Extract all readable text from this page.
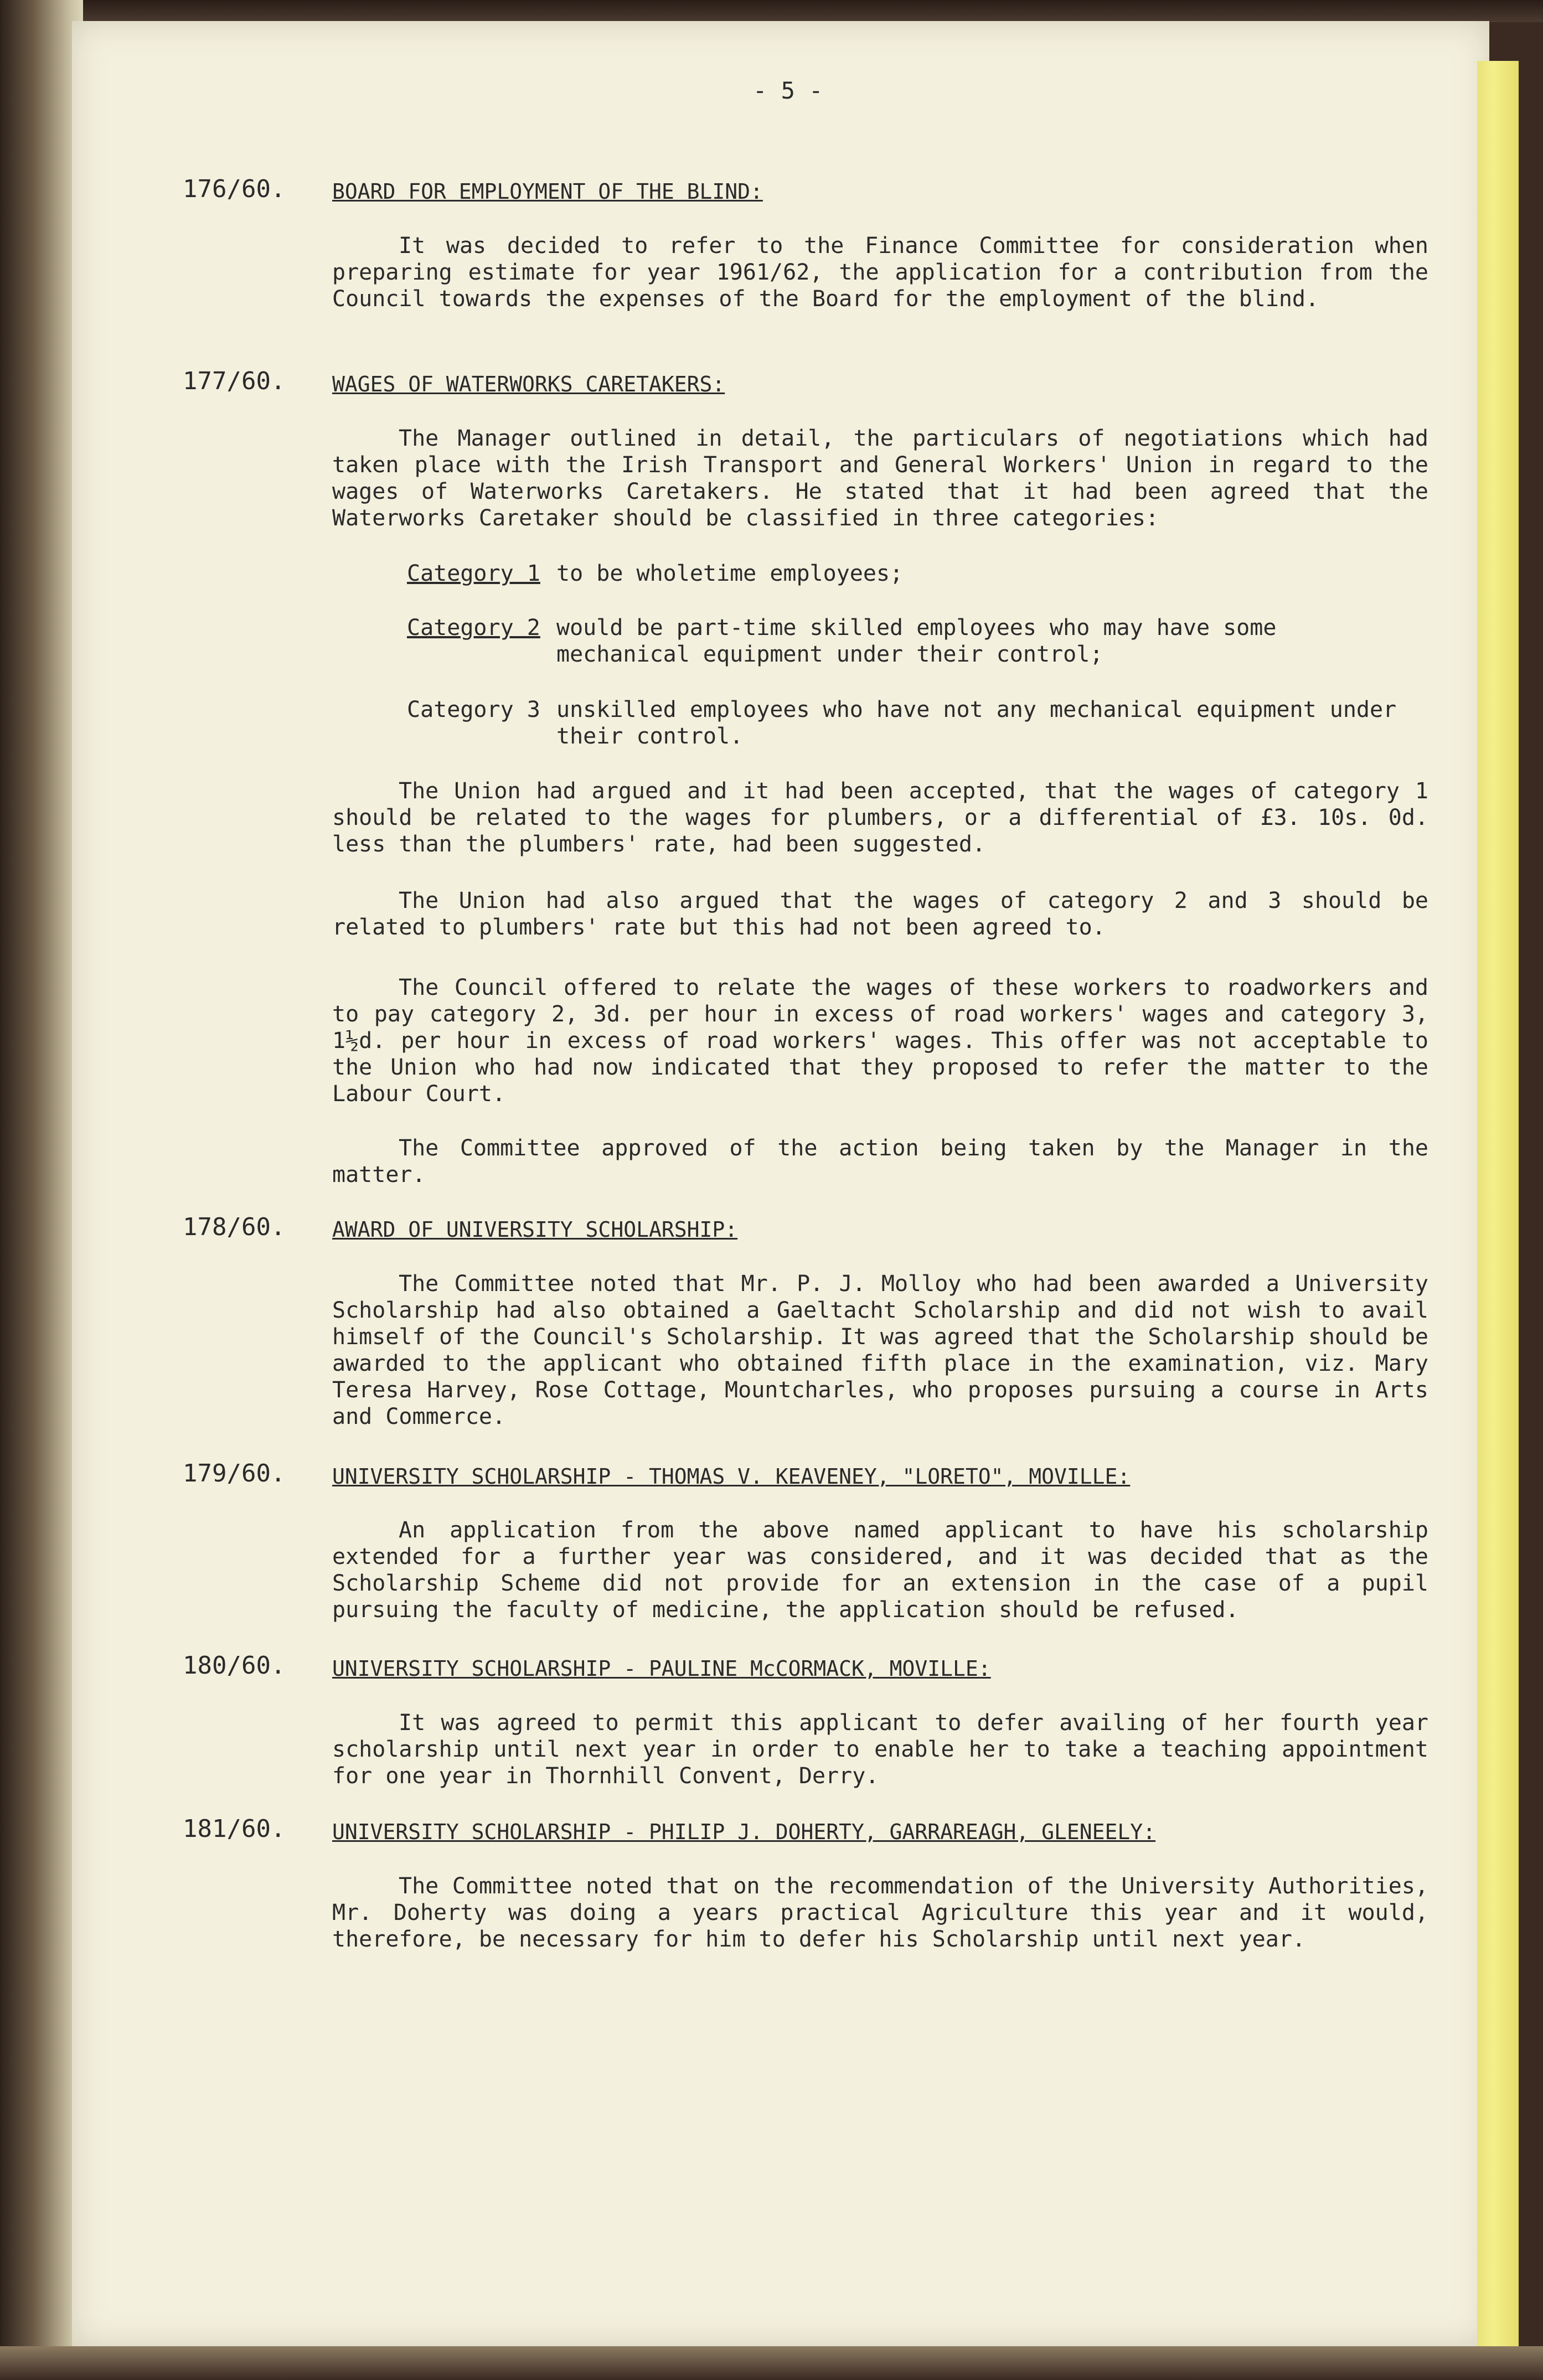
- 5 -
176/60. BOARD FOR EMPLOYMENT OF THE BLIND:

It was decided to refer to the Finance Committee for consideration when preparing estimate for year 1961/62, the application for a contribution from the Council towards the expenses of the Board for the employment of the blind.

177/60. WAGES OF WATERWORKS CARETAKERS:

The Manager outlined in detail, the particulars of negotiations which had taken place with the Irish Transport and General Workers' Union in regard to the wages of Waterworks Caretakers. He stated that it had been agreed that the Waterworks Caretaker should be classified in three categories:

Category 1 to be wholetime employees;
Category 2 would be part-time skilled employees who may have some mechanical equipment under their control;
Category 3 unskilled employees who have not any mechanical equipment under their control.

The Union had argued and it had been accepted, that the wages of category 1 should be related to the wages for plumbers, or a differential of £3. 10s. 0d. less than the plumbers' rate, had been suggested.

The Union had also argued that the wages of category 2 and 3 should be related to plumbers' rate but this had not been agreed to.

The Council offered to relate the wages of these workers to roadworkers and to pay category 2, 3d. per hour in excess of road workers' wages and category 3, 1½d. per hour in excess of road workers' wages. This offer was not acceptable to the Union who had now indicated that they proposed to refer the matter to the Labour Court.

The Committee approved of the action being taken by the Manager in the matter.

178/60. AWARD OF UNIVERSITY SCHOLARSHIP:

The Committee noted that Mr. P. J. Molloy who had been awarded a University Scholarship had also obtained a Gaeltacht Scholarship and did not wish to avail himself of the Council's Scholarship. It was agreed that the Scholarship should be awarded to the applicant who obtained fifth place in the examination, viz. Mary Teresa Harvey, Rose Cottage, Mountcharles, who proposes pursuing a course in Arts and Commerce.

179/60. UNIVERSITY SCHOLARSHIP - THOMAS V. KEAVENEY, "LORETO", MOVILLE:

An application from the above named applicant to have his scholarship extended for a further year was considered, and it was decided that as the Scholarship Scheme did not provide for an extension in the case of a pupil pursuing the faculty of medicine, the application should be refused.

180/60. UNIVERSITY SCHOLARSHIP - PAULINE McCORMACK, MOVILLE:

It was agreed to permit this applicant to defer availing of her fourth year scholarship until next year in order to enable her to take a teaching appointment for one year in Thornhill Convent, Derry.

181/60. UNIVERSITY SCHOLARSHIP - PHILIP J. DOHERTY, GARRAREAGH, GLENEELY:

The Committee noted that on the recommendation of the University Authorities, Mr. Doherty was doing a years practical Agriculture this year and it would, therefore, be necessary for him to defer his Scholarship until next year.
